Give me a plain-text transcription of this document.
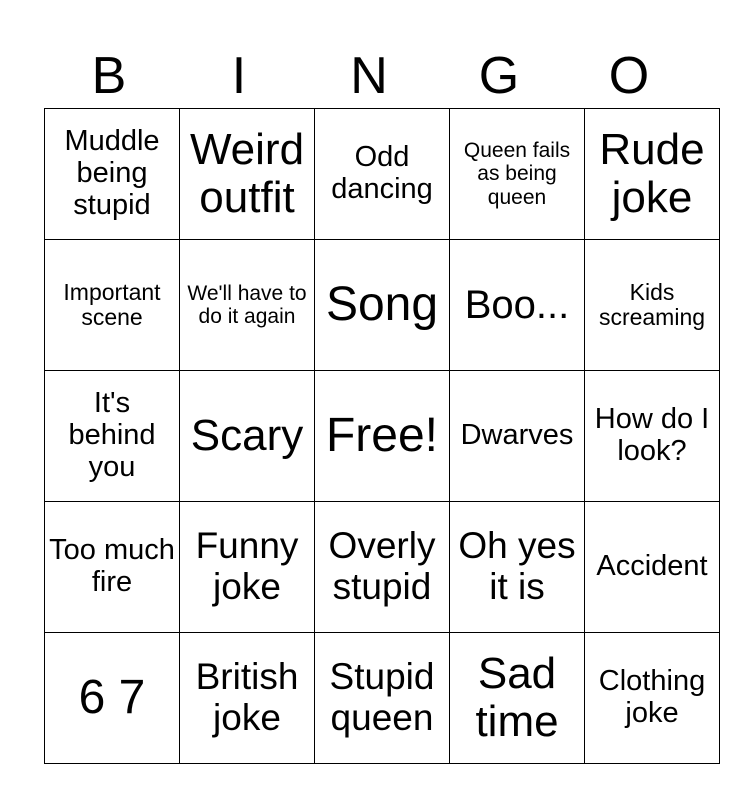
B	I	N	G	O
Muddle being stupid	Weird outfit	Odd dancing	Queen fails as being queen	Rude joke
Important scene	We'll have to do it again	Song	Boo...	Kids screaming
It's behind you	Scary	Free!	Dwarves	How do I look?
Too much fire	Funny joke	Overly stupid	Oh yes it is	Accident
6 7	British joke	Stupid queen	Sad time	Clothing joke
